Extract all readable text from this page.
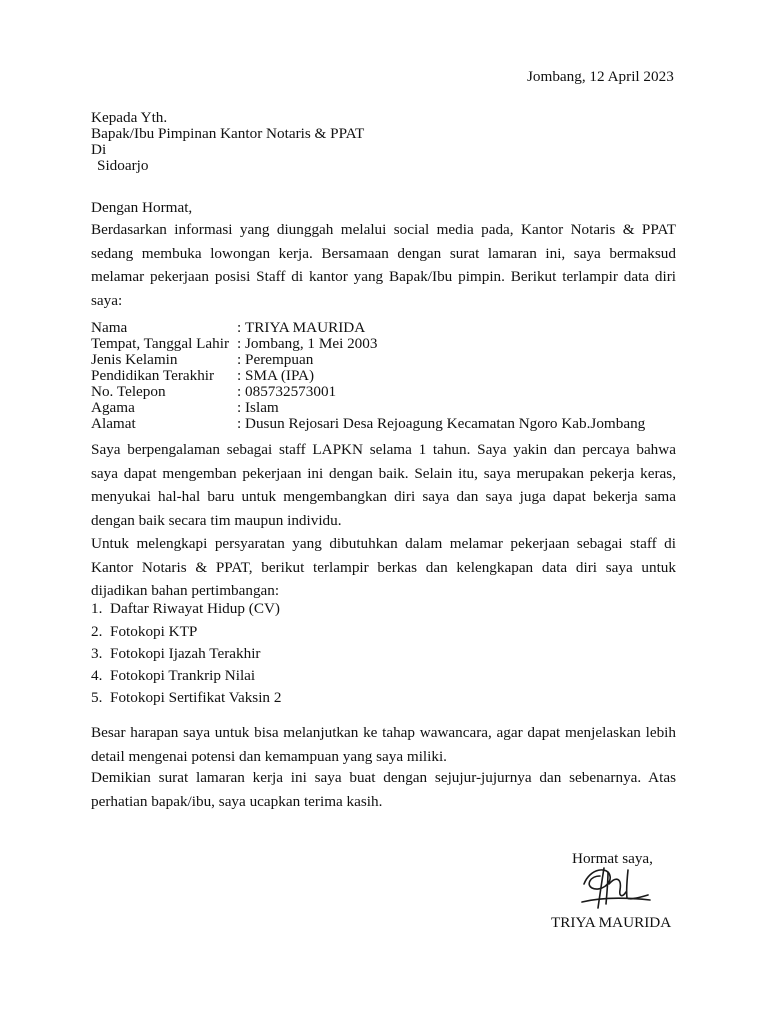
Jombang, 12 April 2023
Kepada Yth.
Bapak/Ibu Pimpinan Kantor Notaris & PPAT
Di
Sidoarjo
Dengan Hormat,
Berdasarkan informasi yang diunggah melalui social media pada, Kantor Notaris & PPAT
sedang membuka lowongan kerja. Bersamaan dengan surat lamaran ini, saya bermaksud
melamar pekerjaan posisi Staff di kantor yang Bapak/Ibu pimpin. Berikut terlampir data diri
saya:
Nama	: TRIYA MAURIDA
Tempat, Tanggal Lahir : Jombang, 1 Mei 2003
Jenis Kelamin	: Perempuan
Pendidikan Terakhir : SMA (IPA)
No. Telepon	: 085732573001
Agama	: Islam
Alamat	: Dusun Rejosari Desa Rejoagung Kecamatan Ngoro Kab.Jombang
Saya berpengalaman sebagai staff LAPKN selama 1 tahun. Saya yakin dan percaya bahwa
saya dapat mengemban pekerjaan ini dengan baik. Selain itu, saya merupakan pekerja keras,
menyukai hal-hal baru untuk mengembangkan diri saya dan saya juga dapat bekerja sama
dengan baik secara tim maupun individu.
Untuk melengkapi persyaratan yang dibutuhkan dalam melamar pekerjaan sebagai staff di
Kantor Notaris & PPAT, berikut terlampir berkas dan kelengkapan data diri saya untuk
dijadikan bahan pertimbangan:
1. Daftar Riwayat Hidup (CV)
2. Fotokopi KTP
3. Fotokopi Ijazah Terakhir
4. Fotokopi Trankrip Nilai
5. Fotokopi Sertifikat Vaksin 2
Besar harapan saya untuk bisa melanjutkan ke tahap wawancara, agar dapat menjelaskan lebih
detail mengenai potensi dan kemampuan yang saya miliki.
Demikian surat lamaran kerja ini saya buat dengan sejujur-jujurnya dan sebenarnya. Atas
perhatian bapak/ibu, saya ucapkan terima kasih.
Hormat saya,
TRIYA MAURIDA
